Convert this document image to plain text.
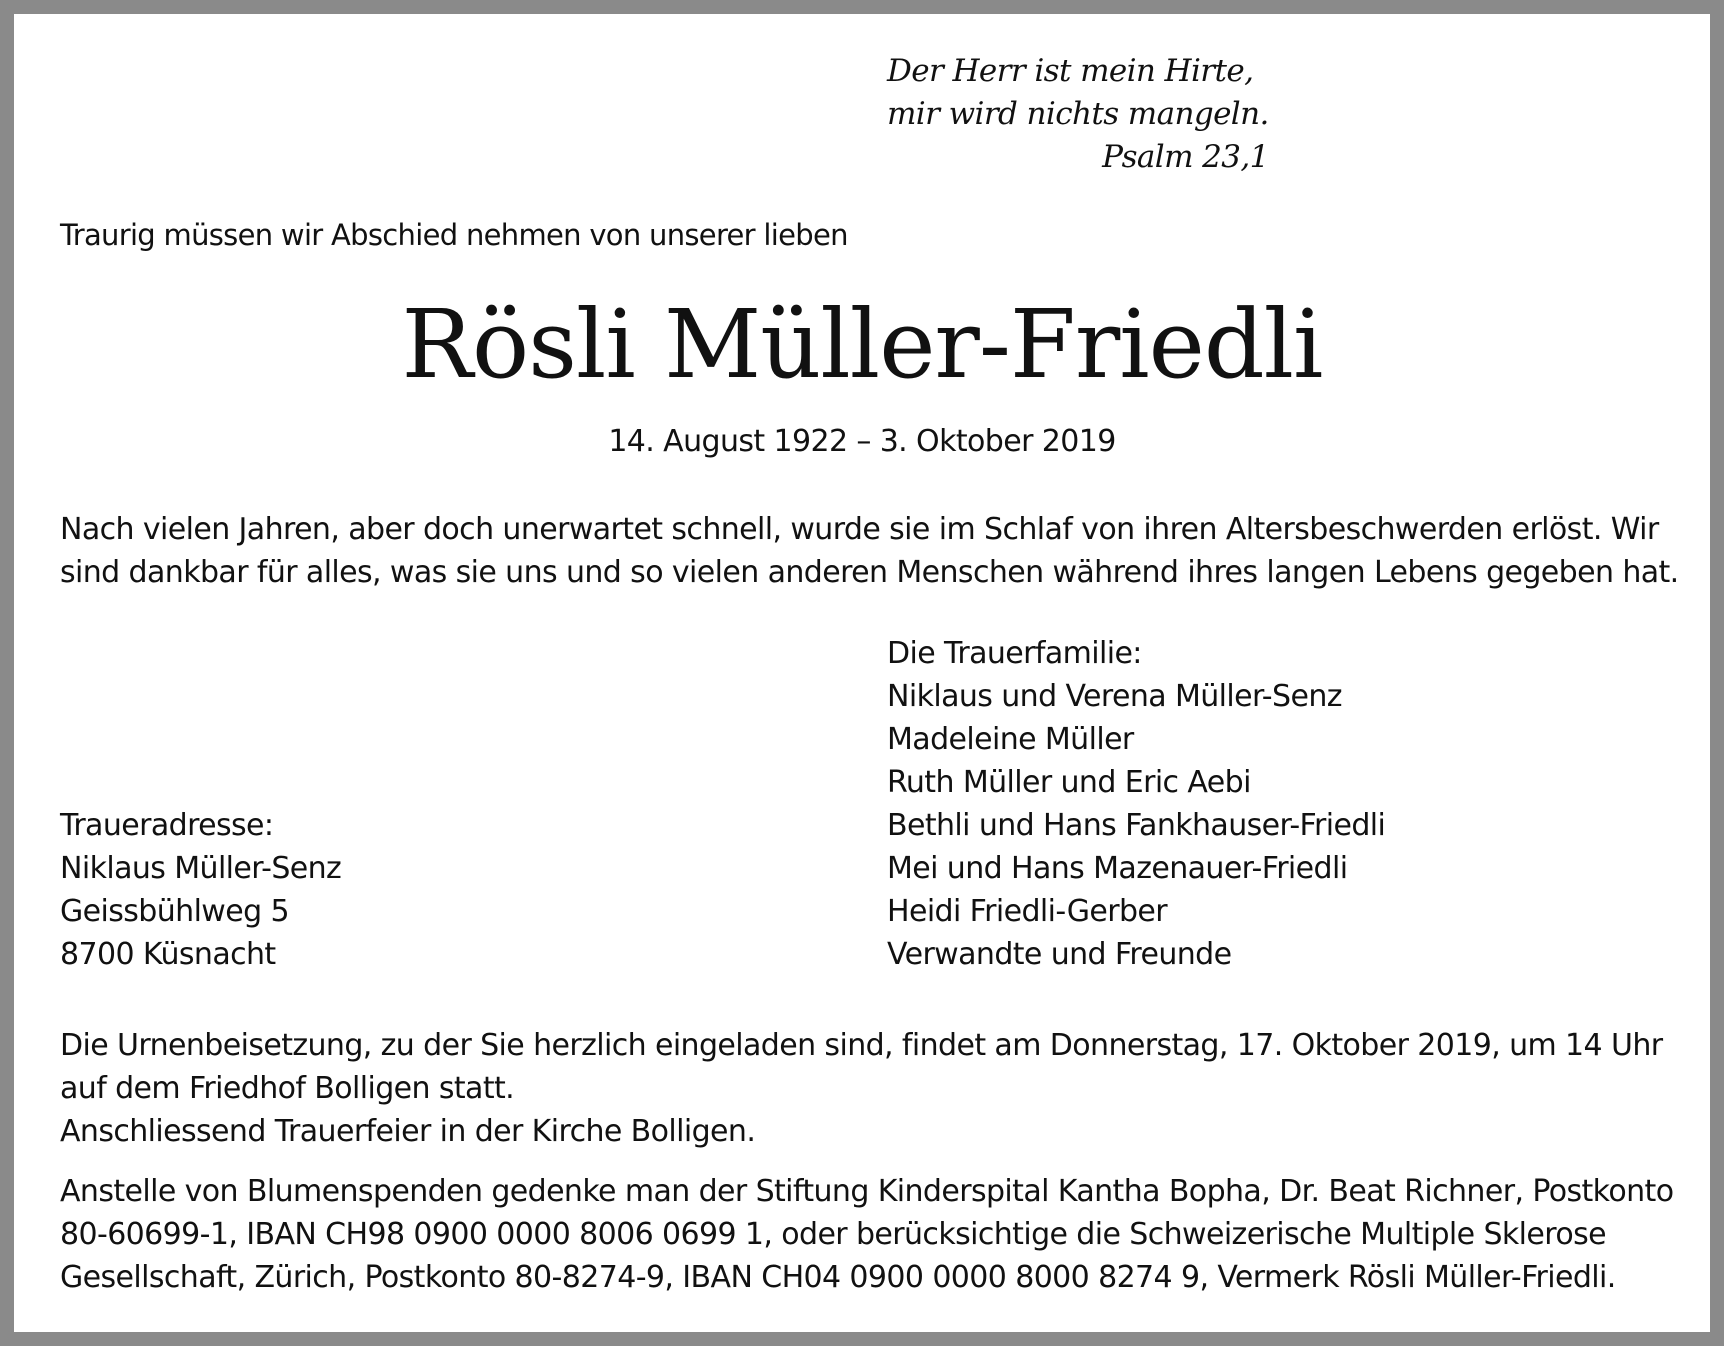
Der Herr ist mein Hirte,
mir wird nichts mangeln.
Psalm 23,1
Traurig müssen wir Abschied nehmen von unserer lieben
Rösli Müller-Friedli
14. August 1922 – 3. Oktober 2019
Nach vielen Jahren, aber doch unerwartet schnell, wurde sie im Schlaf von ihren Altersbeschwerden erlöst. Wir
sind dankbar für alles, was sie uns und so vielen anderen Menschen während ihres langen Lebens gegeben hat.
Die Trauerfamilie:
Niklaus und Verena Müller-Senz
Madeleine Müller
Ruth Müller und Eric Aebi
Bethli und Hans Fankhauser-Friedli
Mei und Hans Mazenauer-Friedli
Heidi Friedli-Gerber
Verwandte und Freunde
Traueradresse:
Niklaus Müller-Senz
Geissbühlweg 5
8700 Küsnacht
Die Urnenbeisetzung, zu der Sie herzlich eingeladen sind, findet am Donnerstag, 17. Oktober 2019, um 14 Uhr
auf dem Friedhof Bolligen statt.
Anschliessend Trauerfeier in der Kirche Bolligen.
Anstelle von Blumenspenden gedenke man der Stiftung Kinderspital Kantha Bopha, Dr. Beat Richner, Postkonto
80-60699-1, IBAN CH98 0900 0000 8006 0699 1, oder berücksichtige die Schweizerische Multiple Sklerose
Gesellschaft, Zürich, Postkonto 80-8274-9, IBAN CH04 0900 0000 8000 8274 9, Vermerk Rösli Müller-Friedli.
